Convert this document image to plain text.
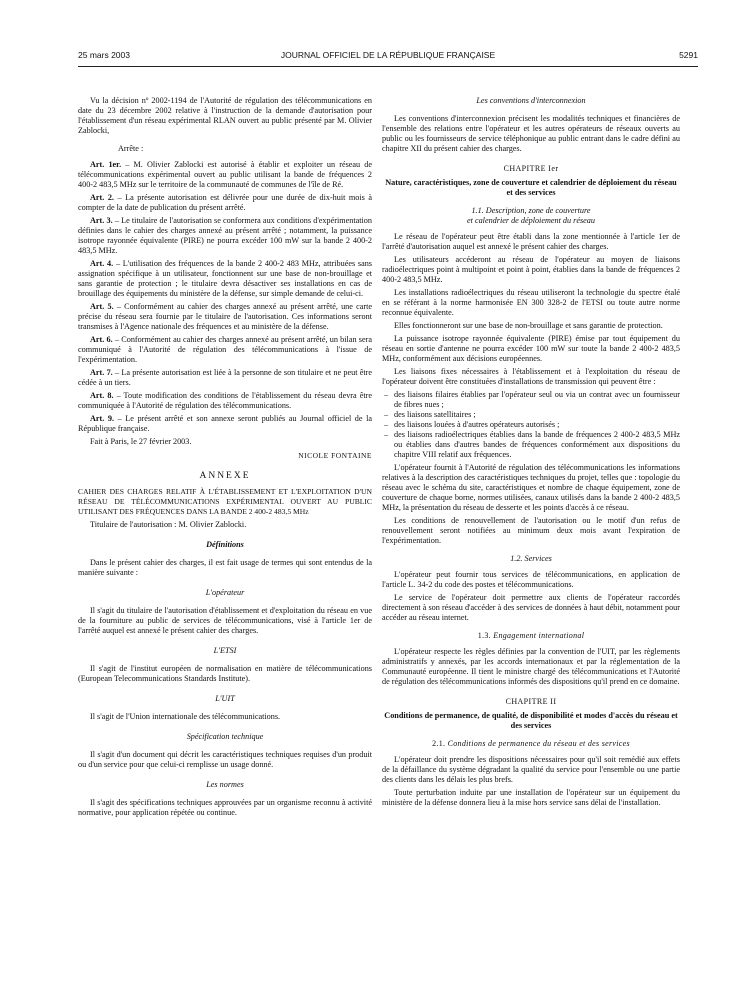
25 mars 2003	JOURNAL OFFICIEL DE LA RÉPUBLIQUE FRANÇAISE	5291

Vu la décision nº 2002-1194 de l'Autorité de régulation des télécommunications en date du 23 décembre 2002 relative à l'instruction de la demande d'autorisation pour l'établissement d'un réseau expérimental RLAN ouvert au public présenté par M. Olivier Zablocki,

Arrête :

Art. 1er. – M. Olivier Zablocki est autorisé à établir et exploiter un réseau de télécommunications expérimental ouvert au public utilisant la bande de fréquences 2 400-2 483,5 MHz sur le territoire de la communauté de communes de l'île de Ré.

Art. 2. – La présente autorisation est délivrée pour une durée de dix-huit mois à compter de la date de publication du présent arrêté.

Art. 3. – Le titulaire de l'autorisation se conformera aux conditions d'expérimentation définies dans le cahier des charges annexé au présent arrêté ; notamment, la puissance isotrope rayonnée équivalente (PIRE) ne pourra excéder 100 mW sur la bande 2 400-2 483,5 MHz.

Art. 4. – L'utilisation des fréquences de la bande 2 400-2 483 MHz, attribuées sans assignation spécifique à un utilisateur, fonctionnent sur une base de non-brouillage et sans garantie de protection ; le titulaire devra désactiver ses installations en cas de brouillage des équipements du ministère de la défense, sur simple demande de celui-ci.

Art. 5. – Conformément au cahier des charges annexé au présent arrêté, une carte précise du réseau sera fournie par le titulaire de l'autorisation. Ces informations seront transmises à l'Agence nationale des fréquences et au ministère de la défense.

Art. 6. – Conformément au cahier des charges annexé au présent arrêté, un bilan sera communiqué à l'Autorité de régulation des télécommunications à l'issue de l'expérimentation.

Art. 7. – La présente autorisation est liée à la personne de son titulaire et ne peut être cédée à un tiers.

Art. 8. – Toute modification des conditions de l'établissement du réseau devra être communiquée à l'Autorité de régulation des télécommunications.

Art. 9. – Le présent arrêté et son annexe seront publiés au Journal officiel de la République française.

Fait à Paris, le 27 février 2003.

NICOLE FONTAINE

ANNEXE

CAHIER DES CHARGES RELATIF À L'ÉTABLISSEMENT ET L'EXPLOITATION D'UN RÉSEAU DE TÉLÉCOMMUNICATIONS EXPÉRIMENTAL OUVERT AU PUBLIC UTILISANT DES FRÉQUENCES DANS LA BANDE 2 400-2 483,5 MHz

Titulaire de l'autorisation : M. Olivier Zablocki.

Définitions

Dans le présent cahier des charges, il est fait usage de termes qui sont entendus de la manière suivante :

L'opérateur

Il s'agit du titulaire de l'autorisation d'établissement et d'exploitation du réseau en vue de la fourniture au public de services de télécommunications, visé à l'article 1er de l'arrêté auquel est annexé le présent cahier des charges.

L'ETSI

Il s'agit de l'institut européen de normalisation en matière de télécommunications (European Telecommunications Standards Institute).

L'UIT

Il s'agit de l'Union internationale des télécommunications.

Spécification technique

Il s'agit d'un document qui décrit les caractéristiques techniques requises d'un produit ou d'un service pour que celui-ci remplisse un usage donné.

Les normes

Il s'agit des spécifications techniques approuvées par un organisme reconnu à activité normative, pour application répétée ou continue.

Les conventions d'interconnexion

Les conventions d'interconnexion précisent les modalités techniques et financières de l'ensemble des relations entre l'opérateur et les autres opérateurs de réseaux ouverts au public ou les fournisseurs de service téléphonique au public entrant dans le cadre défini au chapitre XII du présent cahier des charges.

CHAPITRE Ier

Nature, caractéristiques, zone de couverture et calendrier de déploiement du réseau et des services

1.1. Description, zone de couverture
et calendrier de déploiement du réseau

Le réseau de l'opérateur peut être établi dans la zone mentionnée à l'article 1er de l'arrêté d'autorisation auquel est annexé le présent cahier des charges.

Les utilisateurs accéderont au réseau de l'opérateur au moyen de liaisons radioélectriques point à multipoint et point à point, établies dans la bande de fréquences 2 400-2 483,5 MHz.

Les installations radioélectriques du réseau utiliseront la technologie du spectre étalé en se référant à la norme harmonisée EN 300 328-2 de l'ETSI ou toute autre norme reconnue équivalente.

Elles fonctionneront sur une base de non-brouillage et sans garantie de protection.

La puissance isotrope rayonnée équivalente (PIRE) émise par tout équipement du réseau en sortie d'antenne ne pourra excéder 100 mW sur toute la bande 2 400-2 483,5 MHz, conformément aux décisions européennes.

Les liaisons fixes nécessaires à l'établissement et à l'exploitation du réseau de l'opérateur doivent être constituées d'installations de transmission qui peuvent être :

– des liaisons filaires établies par l'opérateur seul ou via un contrat avec un fournisseur de fibres nues ;
– des liaisons satellitaires ;
– des liaisons louées à d'autres opérateurs autorisés ;
– des liaisons radioélectriques établies dans la bande de fréquences 2 400-2 483,5 MHz ou établies dans d'autres bandes de fréquences conformément aux dispositions du chapitre VIII relatif aux fréquences.

L'opérateur fournit à l'Autorité de régulation des télécommunications les informations relatives à la description des caractéristiques techniques du projet, telles que : topologie du réseau avec le schéma du site, caractéristiques et nombre de chaque équipement, zone de couverture de chaque borne, normes utilisées, canaux utilisés dans la bande 2 400-2 483,5 MHz, la présentation du réseau de desserte et les points d'accès à ce réseau.

Les conditions de renouvellement de l'autorisation ou le motif d'un refus de renouvellement seront notifiées au minimum deux mois avant l'expiration de l'expérimentation.

1.2. Services

L'opérateur peut fournir tous services de télécommunications, en application de l'article L. 34-2 du code des postes et télécommunications.

Le service de l'opérateur doit permettre aux clients de l'opérateur raccordés directement à son réseau d'accéder à des services de données à haut débit, notamment pour accéder au réseau internet.

1.3. Engagement international

L'opérateur respecte les règles définies par la convention de l'UIT, par les règlements administratifs y annexés, par les accords internationaux et par la réglementation de la Communauté européenne. Il tient le ministre chargé des télécommunications et l'Autorité de régulation des télécommunications informés des dispositions qu'il prend en ce domaine.

CHAPITRE II

Conditions de permanence, de qualité, de disponibilité et modes d'accès du réseau et des services

2.1. Conditions de permanence du réseau et des services

L'opérateur doit prendre les dispositions nécessaires pour qu'il soit remédié aux effets de la défaillance du système dégradant la qualité du service pour l'ensemble ou une partie des clients dans les délais les plus brefs.

Toute perturbation induite par une installation de l'opérateur sur un équipement du ministère de la défense donnera lieu à la mise hors service sans délai de l'installation.
